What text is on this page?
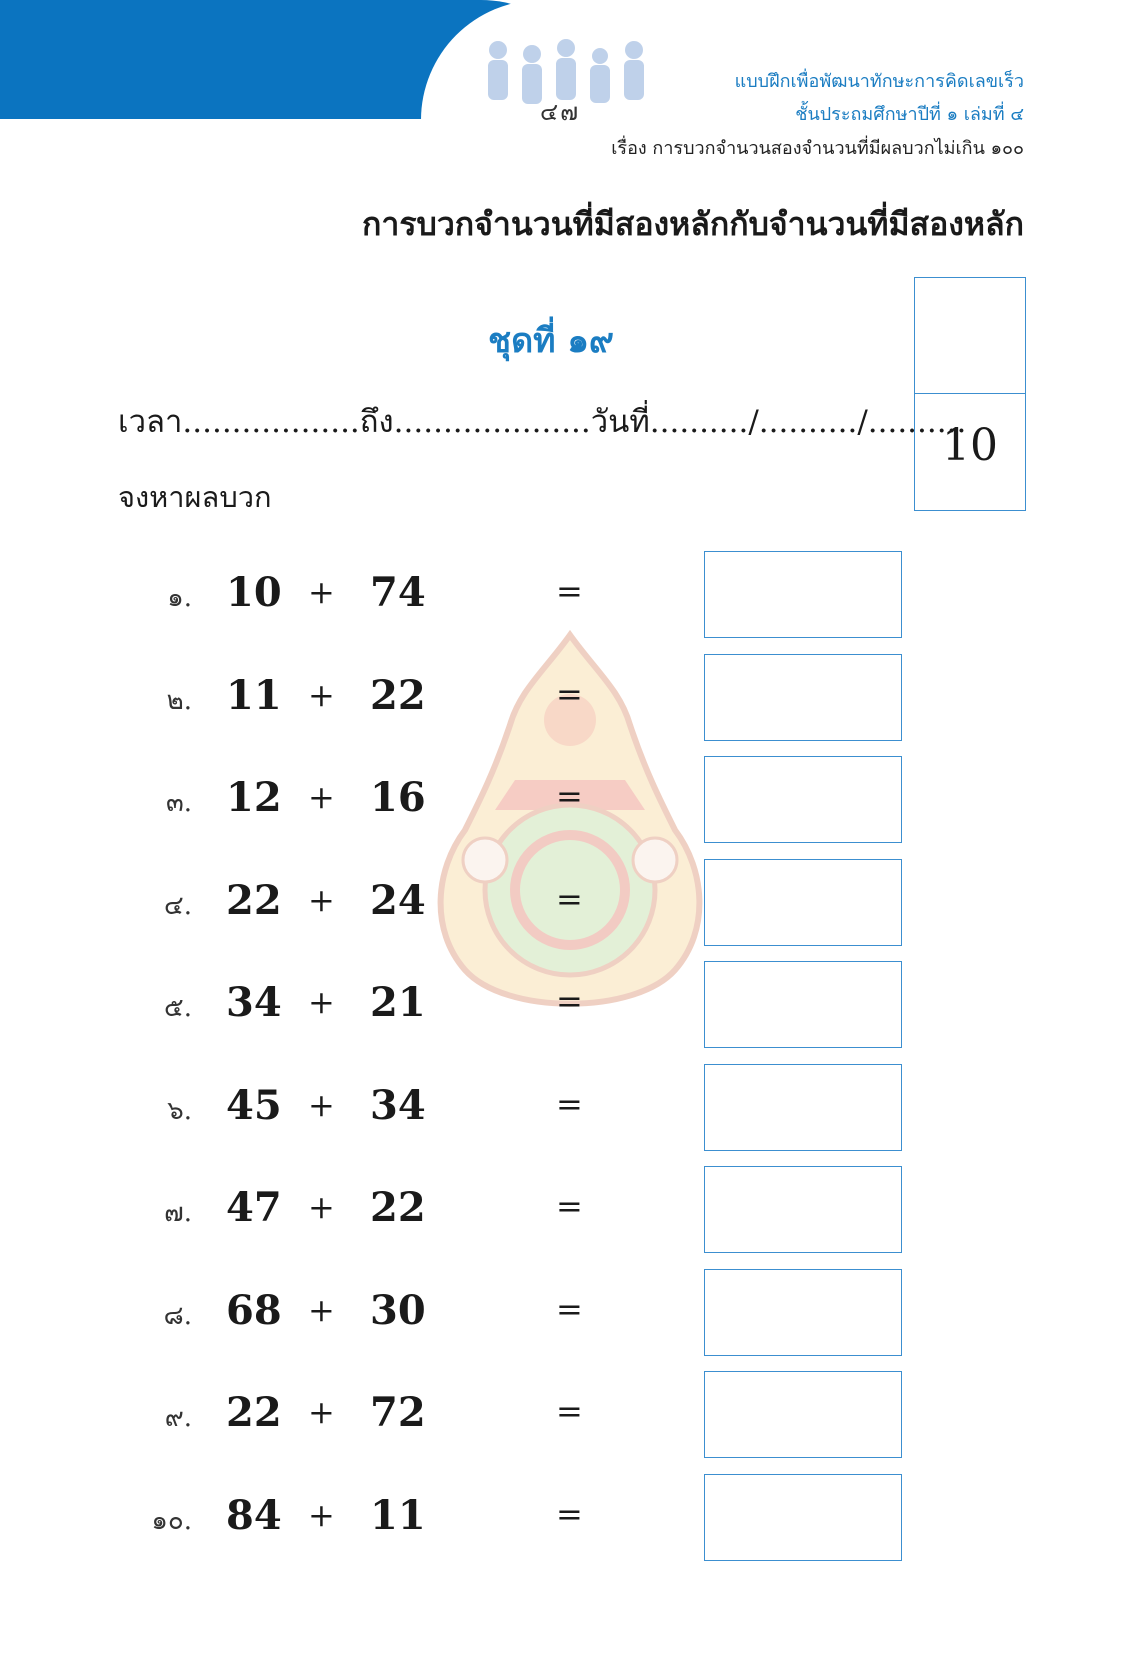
๔๗
แบบฝึกเพื่อพัฒนาทักษะการคิดเลขเร็ว
ชั้นประถมศึกษาปีที่ ๑ เล่มที่ ๔
เรื่อง การบวกจำนวนสองจำนวนที่มีผลบวกไม่เกิน ๑๐๐
การบวกจำนวนที่มีสองหลักกับจำนวนที่มีสองหลัก
ชุดที่ ๑๙
เวลา..................ถึง....................วันที่........../........../..........
จงหาผลบวก
10
๑. 10 + 74	=
๒. 11 + 22	=
๓. 12 + 16	=
๔. 22 + 24	=
๕. 34 + 21	=
๖. 45 + 34	=
๗. 47 + 22	=
๘. 68 + 30	=
๙. 22 + 72	=
๑๐. 84 + 11	=
